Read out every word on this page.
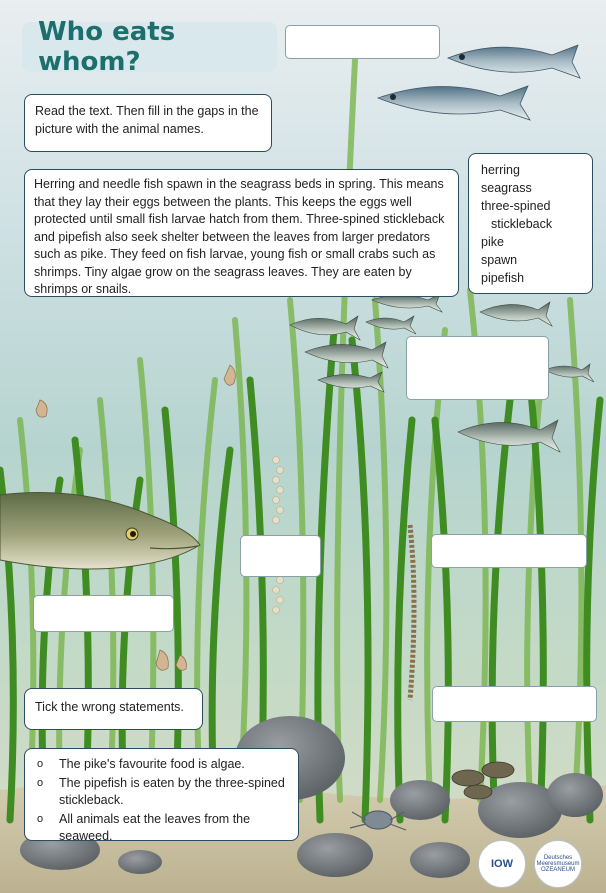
Who eats whom?
Read the text. Then fill in the gaps in the picture with the animal names.
Herring and needle fish spawn in the seagrass beds in spring. This means that they lay their eggs between the plants. This keeps the eggs well protected until small fish larvae hatch from them. Three-spined stickleback and pipefish also seek shelter between the leaves from larger predators such as pike. They feed on fish larvae, young fish or small crabs such as shrimps. Tiny algae grow on the seagrass leaves. They are eaten by shrimps or snails.
herring
seagrass
three-spined
stickleback
pike
spawn
pipefish
Tick the wrong statements.
o	The pike's favourite food is algae.
o	The pipefish is eaten by the three-spined stickleback.
o	All animals eat the leaves from the seaweed.
IOW	Deutsches Meeresmuseum OZEANEUM
